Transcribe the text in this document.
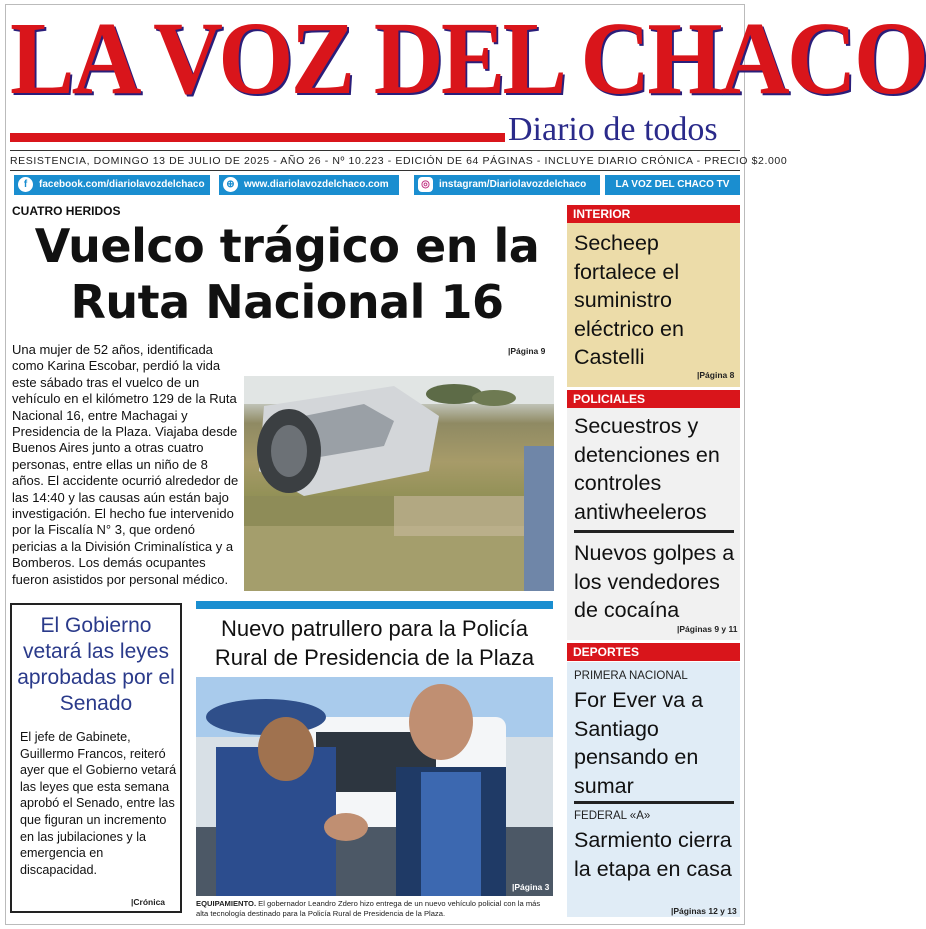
LA VOZ DEL CHACO
Diario de todos
RESISTENCIA, DOMINGO 13 DE JULIO DE 2025 - AÑO 26 - Nº 10.223 - EDICIÓN DE 64 PÁGINAS - INCLUYE DIARIO CRÓNICA - PRECIO $2.000
f facebook.com/diariolavozdelchaco	⊕ www.diariolavozdelchaco.com	◎ instagram/Diariolavozdelchaco	LA VOZ DEL CHACO TV
CUATRO HERIDOS
Vuelco trágico en la Ruta Nacional 16
|Página 9
Una mujer de 52 años, identificada como Karina Escobar, perdió la vida este sábado tras el vuelco de un vehículo en el kilómetro 129 de la Ruta Nacional 16, entre Machagai y Presidencia de la Plaza. Viajaba desde Buenos Aires junto a otras cuatro personas, entre ellas un niño de 8 años. El accidente ocurrió alrededor de las 14:40 y las causas aún están bajo investigación. El hecho fue intervenido por la Fiscalía N° 3, que ordenó pericias a la División Criminalística y a Bomberos. Los demás ocupantes fueron asistidos por personal médico.
El Gobierno vetará las leyes aprobadas por el Senado
El jefe de Gabinete, Guillermo Francos, reiteró ayer que el Gobierno vetará las leyes que esta semana aprobó el Senado, entre las que figuran un incremento en las jubilaciones y la emergencia en discapacidad.
|Crónica
Nuevo patrullero para la Policía Rural de Presidencia de la Plaza
|Página 3
EQUIPAMIENTO. El gobernador Leandro Zdero hizo entrega de un nuevo vehículo policial con la más alta tecnología destinado para la Policía Rural de Presidencia de la Plaza.
INTERIOR
Secheep fortalece el suministro eléctrico en Castelli
|Página 8
POLICIALES
Secuestros y detenciones en controles antiwheeleros
Nuevos golpes a los vendedores de cocaína
|Páginas 9 y 11
DEPORTES
PRIMERA NACIONAL
For Ever va a Santiago pensando en sumar
FEDERAL «A»
Sarmiento cierra la etapa en casa
|Páginas 12 y 13
